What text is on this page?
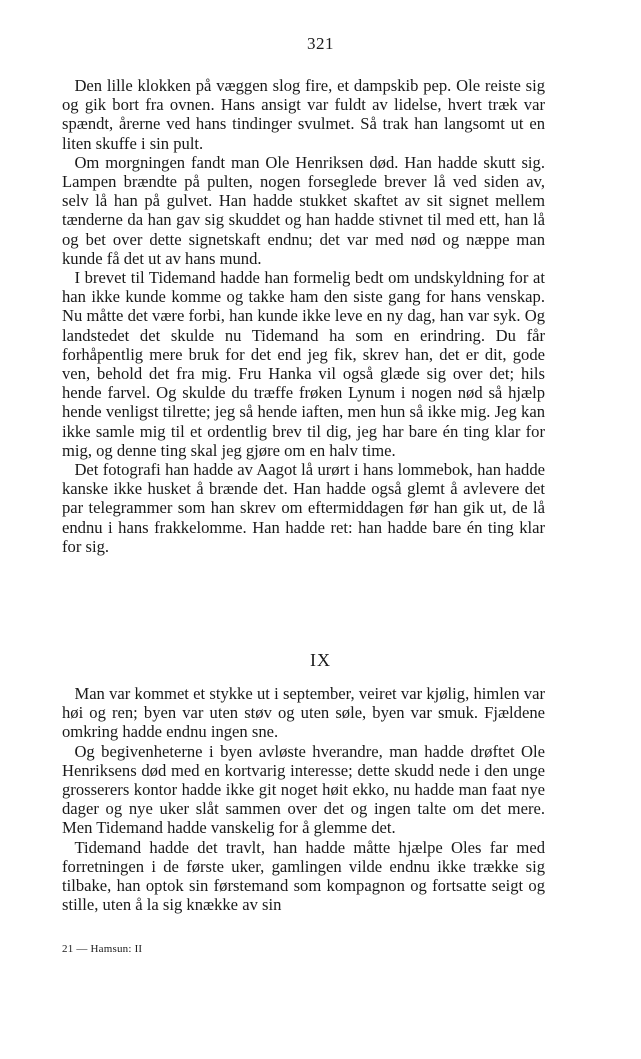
321

Den lille klokken på væggen slog fire, et dampskib pep. Ole reiste sig og gik bort fra ovnen. Hans ansigt var fuldt av lidelse, hvert træk var spændt, årerne ved hans tindinger svulmet. Så trak han langsomt ut en liten skuffe i sin pult.

Om morgningen fandt man Ole Henriksen død. Han hadde skutt sig. Lampen brændte på pulten, nogen forseglede brever lå ved siden av, selv lå han på gulvet. Han hadde stukket skaftet av sit signet mellem tænderne da han gav sig skuddet og han hadde stivnet til med ett, han lå og bet over dette signetskaft endnu; det var med nød og næppe man kunde få det ut av hans mund.

I brevet til Tidemand hadde han formelig bedt om undskyldning for at han ikke kunde komme og takke ham den siste gang for hans venskap. Nu måtte det være forbi, han kunde ikke leve en ny dag, han var syk. Og landstedet det skulde nu Tidemand ha som en erindring. Du får forhåpentlig mere bruk for det end jeg fik, skrev han, det er dit, gode ven, behold det fra mig. Fru Hanka vil også glæde sig over det; hils hende farvel. Og skulde du træffe frøken Lynum i nogen nød så hjælp hende venligst tilrette; jeg så hende iaften, men hun så ikke mig. Jeg kan ikke samle mig til et ordentlig brev til dig, jeg har bare én ting klar for mig, og denne ting skal jeg gjøre om en halv time.

Det fotografi han hadde av Aagot lå urørt i hans lommebok, han hadde kanske ikke husket å brænde det. Han hadde også glemt å avlevere det par telegrammer som han skrev om eftermiddagen før han gik ut, de lå endnu i hans frakkelomme. Han hadde ret: han hadde bare én ting klar for sig.

IX

Man var kommet et stykke ut i september, veiret var kjølig, himlen var høi og ren; byen var uten støv og uten søle, byen var smuk. Fjældene omkring hadde endnu ingen sne.

Og begivenheterne i byen avløste hverandre, man hadde drøftet Ole Henriksens død med en kortvarig interesse; dette skudd nede i den unge grosserers kontor hadde ikke git noget høit ekko, nu hadde man faat nye dager og nye uker slåt sammen over det og ingen talte om det mere. Men Tidemand hadde vanskelig for å glemme det.

Tidemand hadde det travlt, han hadde måtte hjælpe Oles far med forretningen i de første uker, gamlingen vilde endnu ikke trække sig tilbake, han optok sin førstemand som kompagnon og fortsatte seigt og stille, uten å la sig knække av sin

21 — Hamsun: II
